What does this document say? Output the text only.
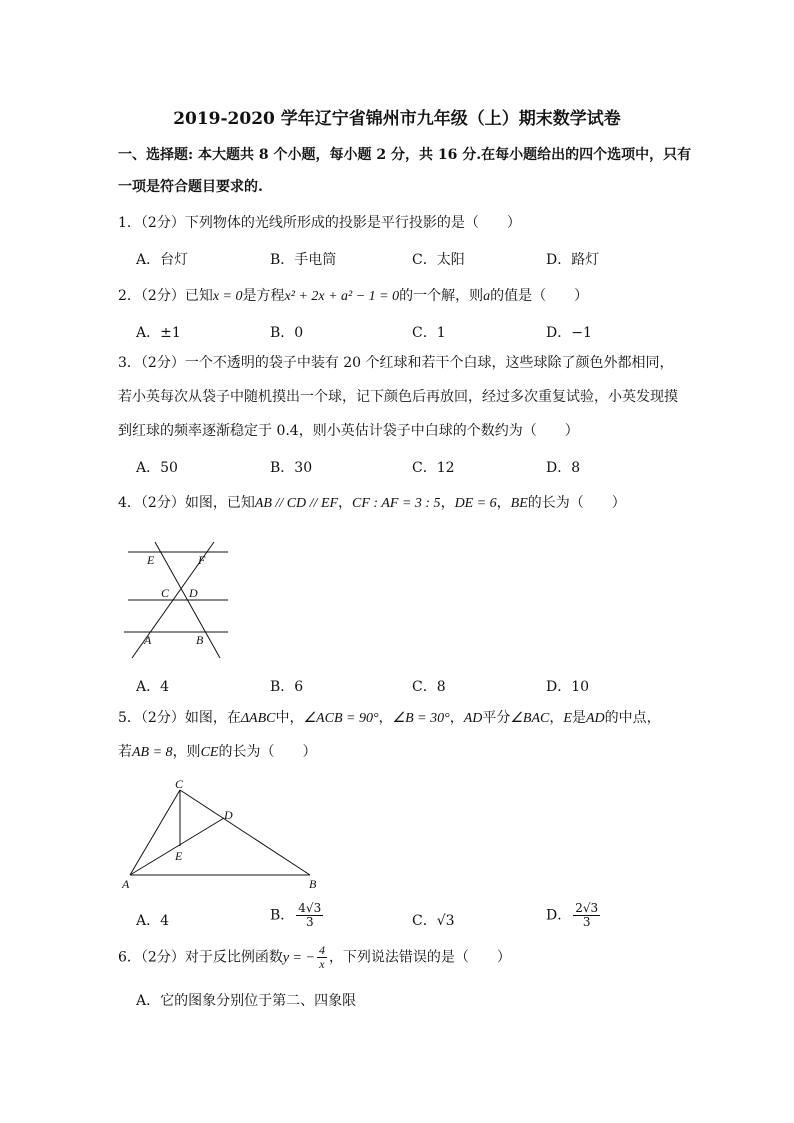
2019-2020 学年辽宁省锦州市九年级（上）期末数学试卷
一、选择题: 本大题共 8 个小题，每小题 2 分，共 16 分.在每小题给出的四个选项中，只有
一项是符合题目要求的.
1．（2分）下列物体的光线所形成的投影是平行投影的是（　　）
A．台灯	B．手电筒	C．太阳	D．路灯
2．（2分）已知x = 0是方程x² + 2x + a² − 1 = 0的一个解，则a的值是（　　）
A．±1	B．0	C．1	D．−1
3．（2分）一个不透明的袋子中装有 20 个红球和若干个白球，这些球除了颜色外都相同，
若小英每次从袋子中随机摸出一个球，记下颜色后再放回，经过多次重复试验，小英发现摸
到红球的频率逐渐稳定于 0.4，则小英估计袋子中白球的个数约为（　　）
A．50	B．30	C．12	D．8
4．（2分）如图，已知AB // CD // EF，CF : AF = 3 : 5，DE = 6，BE的长为（　　）
E	F
C D
A	B
A．4	B．6	C．8	D．10
5．（2分）如图，在ΔABC中，∠ACB = 90°，∠B = 30°，AD平分∠BAC，E是AD的中点，
若AB = 8，则CE的长为（　　）
C
D
E
A	B
A．4	B． $\frac{4√3}{3}$	C．√3	D． $\frac{2√3}{3}$
6．（2分）对于反比例函数y = − $\frac{4}{x}$ ，下列说法错误的是（　　）
A．它的图象分别位于第二、四象限
